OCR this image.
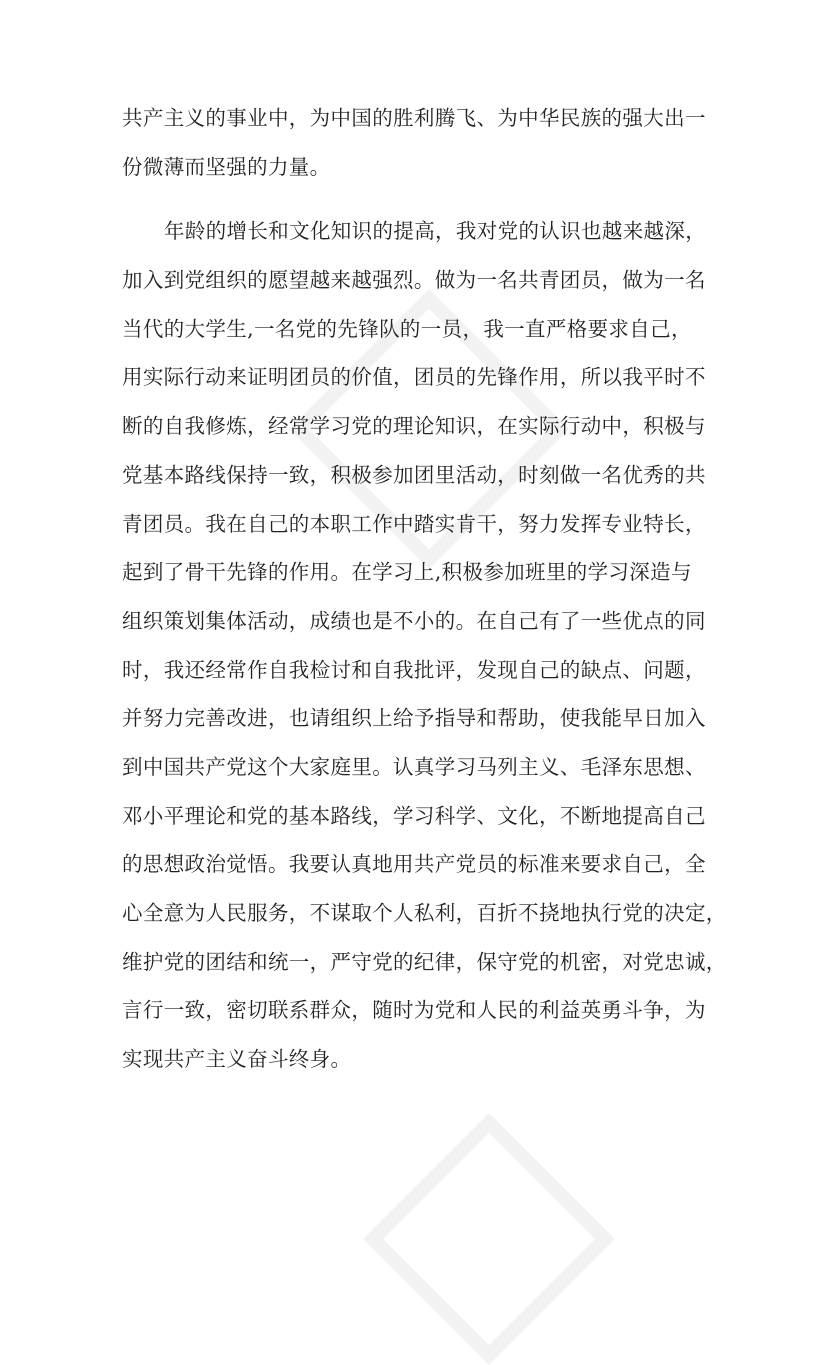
共产主义的事业中，为中国的胜利腾飞、为中华民族的强大出一
份微薄而坚强的力量。
年龄的增长和文化知识的提高，我对党的认识也越来越深，
加入到党组织的愿望越来越强烈。做为一名共青团员，做为一名
当代的大学生,一名党的先锋队的一员，我一直严格要求自己，
用实际行动来证明团员的价值，团员的先锋作用，所以我平时不
断的自我修炼，经常学习党的理论知识，在实际行动中，积极与
党基本路线保持一致，积极参加团里活动，时刻做一名优秀的共
青团员。我在自己的本职工作中踏实肯干，努力发挥专业特长，
起到了骨干先锋的作用。在学习上,积极参加班里的学习深造与
组织策划集体活动，成绩也是不小的。在自己有了一些优点的同
时，我还经常作自我检讨和自我批评，发现自己的缺点、问题，
并努力完善改进，也请组织上给予指导和帮助，使我能早日加入
到中国共产党这个大家庭里。认真学习马列主义、毛泽东思想、
邓小平理论和党的基本路线，学习科学、文化，不断地提高自己
的思想政治觉悟。我要认真地用共产党员的标准来要求自己，全
心全意为人民服务，不谋取个人私利，百折不挠地执行党的决定，
维护党的团结和统一，严守党的纪律，保守党的机密，对党忠诚，
言行一致，密切联系群众，随时为党和人民的利益英勇斗争，为
实现共产主义奋斗终身。
